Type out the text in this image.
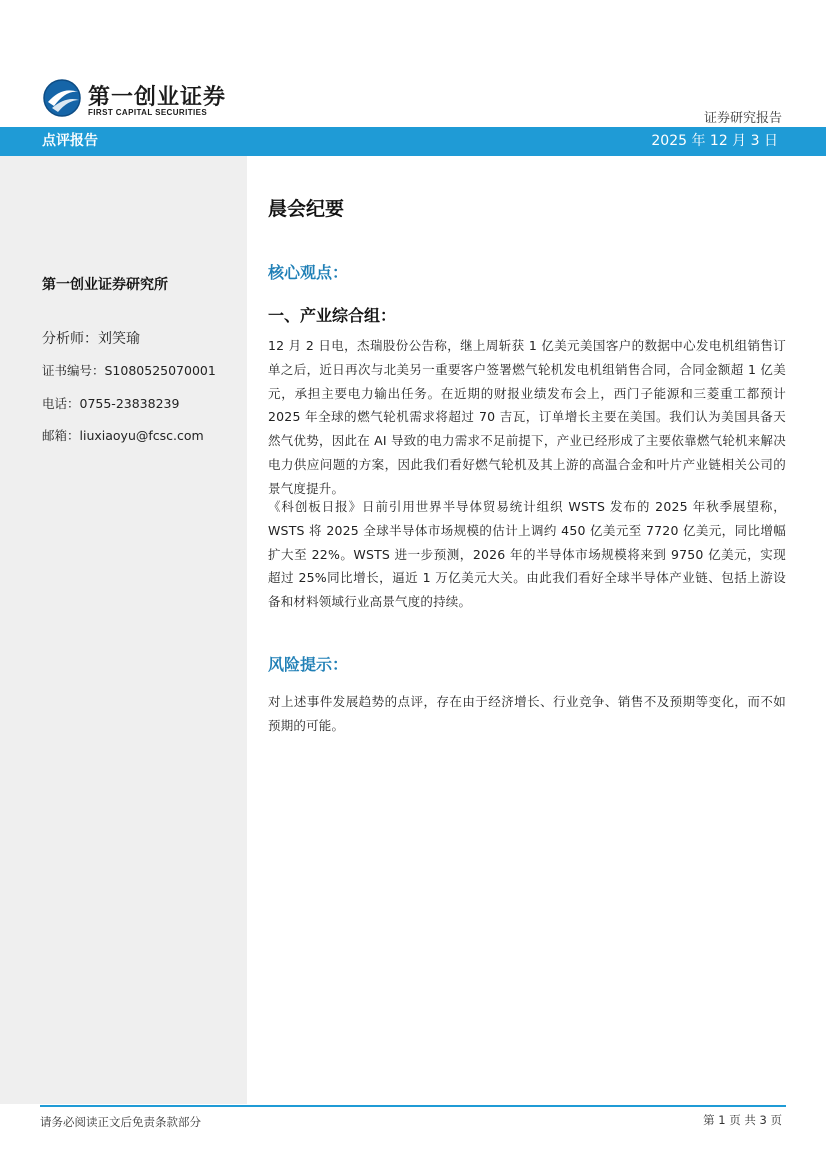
第一创业证券
FIRST CAPITAL SECURITIES	证券研究报告
点评报告	2025 年 12 月 3 日
第一创业证券研究所
分析师：刘笑瑜
证书编号：S1080525070001
电话：0755-23838239
邮箱：liuxiaoyu@fcsc.com
晨会纪要
核心观点：
一、产业综合组：
12 月 2 日电，杰瑞股份公告称，继上周斩获 1 亿美元美国客户的数据中心发电机组销售订单之后，近日再次与北美另一重要客户签署燃气轮机发电机组销售合同，合同金额超 1 亿美元，承担主要电力输出任务。在近期的财报业绩发布会上，西门子能源和三菱重工都预计 2025 年全球的燃气轮机需求将超过 70 吉瓦，订单增长主要在美国。我们认为美国具备天然气优势，因此在 AI 导致的电力需求不足前提下，产业已经形成了主要依靠燃气轮机来解决电力供应问题的方案，因此我们看好燃气轮机及其上游的高温合金和叶片产业链相关公司的景气度提升。
《科创板日报》日前引用世界半导体贸易统计组织 WSTS 发布的 2025 年秋季展望称，WSTS 将 2025 全球半导体市场规模的估计上调约 450 亿美元至 7720 亿美元，同比增幅扩大至 22%。WSTS 进一步预测，2026 年的半导体市场规模将来到 9750 亿美元，实现超过 25%同比增长，逼近 1 万亿美元大关。由此我们看好全球半导体产业链、包括上游设备和材料领域行业高景气度的持续。
风险提示：
对上述事件发展趋势的点评，存在由于经济增长、行业竞争、销售不及预期等变化，而不如预期的可能。
请务必阅读正文后免责条款部分	第 1 页 共 3 页
